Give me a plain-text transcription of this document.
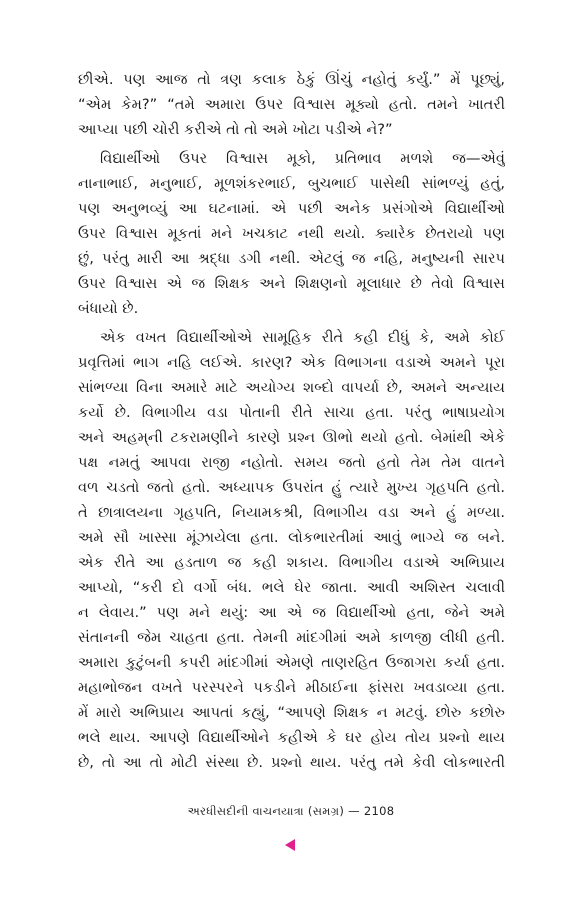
છીએ. પણ આજ તો ત્રણ કલાક ઠેકું ઊંચું નહોતું કર્યું.” મેં પૂછ્યું,
“એમ કેમ?” “તમે અમારા ઉપર વિશ્વાસ મૂક્યો હતો. તમને ખાતરી
આપ્યા પછી ચોરી કરીએ તો તો અમે ખોટા પડીએ ને?”
વિદ્યાર્થીઓ ઉપર વિશ્વાસ મૂકો, પ્રતિભાવ મળશે જ—એવું
નાનાભાઈ, મનુભાઈ, મૂળશંકરભાઈ, બુચભાઈ પાસેથી સાંભળ્યું હતું,
પણ અનુભવ્યું આ ઘટનામાં. એ પછી અનેક પ્રસંગોએ વિદ્યાર્થીઓ
ઉપર વિશ્વાસ મૂકતાં મને ખચકાટ નથી થયો. ક્યારેક છેતરાયો પણ
છું, પરંતુ મારી આ શ્રદ્ધા ડગી નથી. એટલું જ નહિ, મનુષ્યની સારપ
ઉપર વિશ્વાસ એ જ શિક્ષક અને શિક્ષણનો મૂલાધાર છે તેવો વિશ્વાસ
બંધાયો છે.
એક વખત વિદ્યાર્થીઓએ સામૂહિક રીતે કહી દીધું કે, અમે કોઈ
પ્રવૃત્તિમાં ભાગ નહિ લઈએ. કારણ? એક વિભાગના વડાએ અમને પૂરા
સાંભળ્યા વિના અમારે માટે અયોગ્ય શબ્દો વાપર્યા છે, અમને અન્યાય
કર્યો છે. વિભાગીય વડા પોતાની રીતે સાચા હતા. પરંતુ ભાષાપ્રયોગ
અને અહમ્‌ની ટકરામણીને કારણે પ્રશ્ન ઊભો થયો હતો. બેમાંથી એકે
પક્ષ નમતું આપવા રાજી નહોતો. સમય જતો હતો તેમ તેમ વાતને
વળ ચડતો જતો હતો. અધ્યાપક ઉપરાંત હું ત્યારે મુખ્ય ગૃહપતિ હતો.
તે છાત્રાલયના ગૃહપતિ, નિયામકશ્રી, વિભાગીય વડા અને હું મળ્યા.
અમે સૌ ખાસ્સા મૂંઝાયેલા હતા. લોકભારતીમાં આવું ભાગ્યે જ બને.
એક રીતે આ હડતાળ જ કહી શકાય. વિભાગીય વડાએ અભિપ્રાય
આપ્યો, “કરી દો વર્ગો બંધ. ભલે ઘેર જાતા. આવી અશિસ્ત ચલાવી
ન લેવાય.” પણ મને થયું: આ એ જ વિદ્યાર્થીઓ હતા, જેને અમે
સંતાનની જેમ ચાહતા હતા. તેમની માંદગીમાં અમે કાળજી લીધી હતી.
અમારા કુટુંબની કપરી માંદગીમાં એમણે તાણરહિત ઉજાગરા કર્યા હતા.
મહાભોજન વખતે પરસ્પરને પકડીને મીઠાઈના ફાંસરા ખવડાવ્યા હતા.
મેં મારો અભિપ્રાય આપતાં કહ્યું, “આપણે શિક્ષક ન મટવું. છોરુ કછોરુ
ભલે થાય. આપણે વિદ્યાર્થીઓને કહીએ કે ઘર હોય તોય પ્રશ્નો થાય
છે, તો આ તો મોટી સંસ્થા છે. પ્રશ્નો થાય. પરંતુ તમે કેવી લોકભારતી
અરધીસદીની વાચનયાત્રા (સમગ્ર) — 2108
